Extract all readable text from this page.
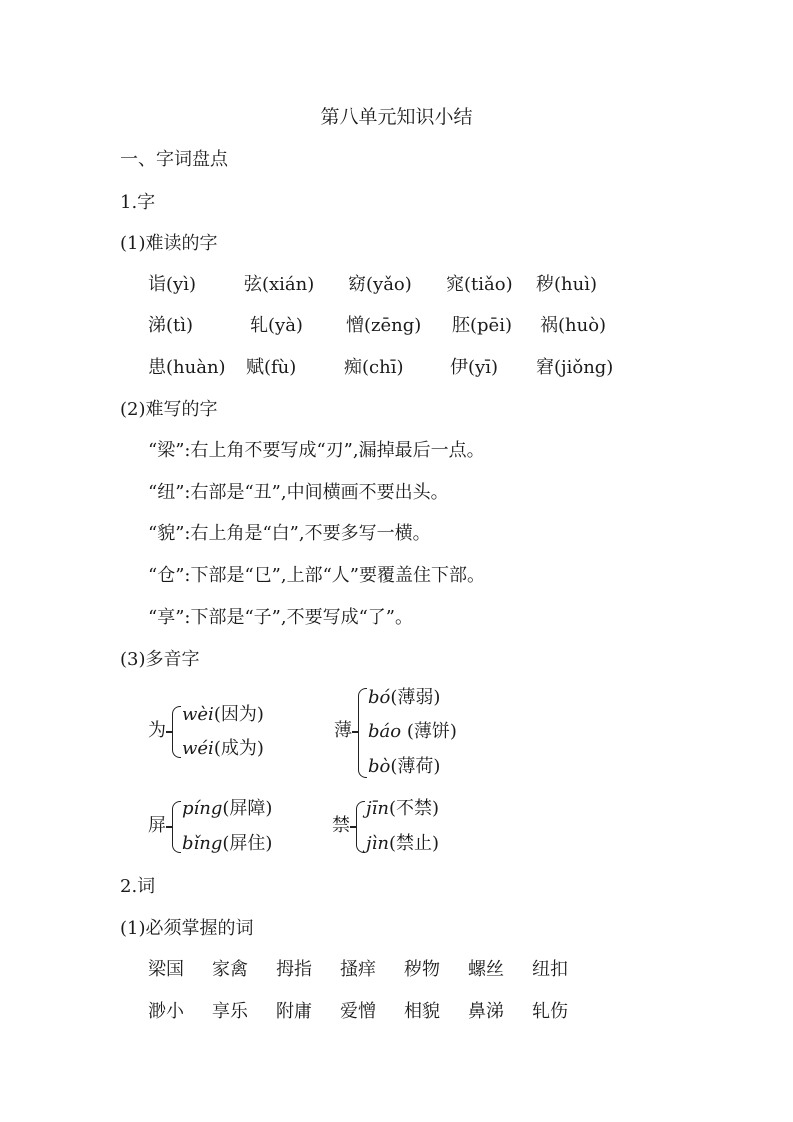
第八单元知识小结
一、字词盘点
1.字
(1)难读的字
诣(yì)	弦(xián) 窈(yǎo) 窕(tiǎo) 秽(huì)
涕(tì)	轧(yà) 憎(zēng) 胚(pēi) 祸(huò)
患(huàn) 赋(fù)	痴(chī)	伊(yī) 窘(jiǒng)
(2)难写的字
“梁”:右上角不要写成“刃”,漏掉最后一点。
“纽”:右部是“丑”,中间横画不要出头。
“貌”:右上角是“白”,不要多写一横。
“仓”:下部是“㔾”,上部“人”要覆盖住下部。
“享”:下部是“子”,不要写成“了”。
(3)多音字
为
wèi(因为)
wéi(成为)
薄
bó(薄弱)
báo (薄饼)
bò(薄荷)
屏
píng(屏障)
bǐng(屏住)
禁
jīn(不禁)
jìn(禁止)
2.词
(1)必须掌握的词
梁国 家禽 拇指 搔痒 秽物 螺丝 纽扣
渺小 享乐 附庸 爱憎 相貌 鼻涕 轧伤
